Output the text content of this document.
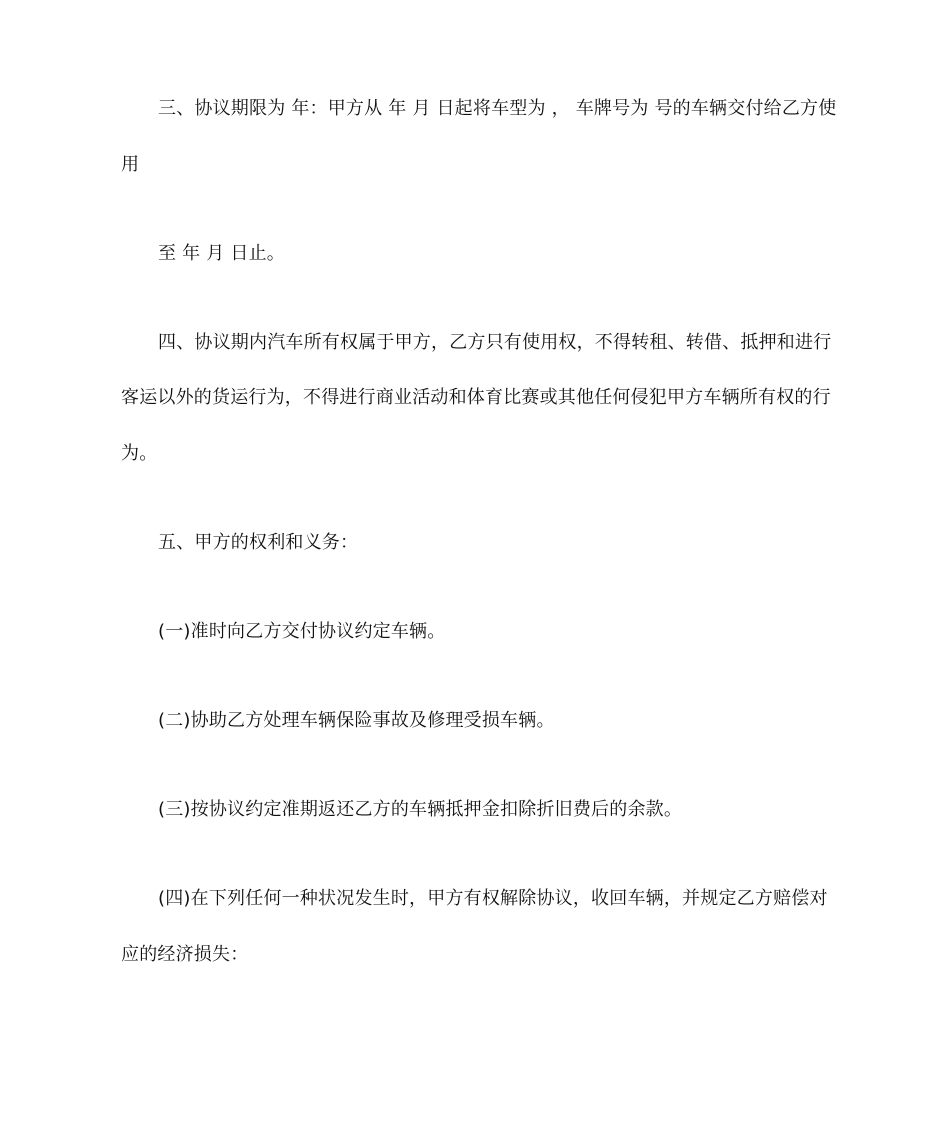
三、协议期限为 年：甲方从 年 月 日起将车型为 ， 车牌号为 号的车辆交付给乙方使
用
至 年 月 日止。
四、协议期内汽车所有权属于甲方，乙方只有使用权，不得转租、转借、抵押和进行
客运以外的货运行为，不得进行商业活动和体育比赛或其他任何侵犯甲方车辆所有权的行
为。
五、甲方的权利和义务：
(一)准时向乙方交付协议约定车辆。
(二)协助乙方处理车辆保险事故及修理受损车辆。
(三)按协议约定准期返还乙方的车辆抵押金扣除折旧费后的余款。
(四)在下列任何一种状况发生时，甲方有权解除协议，收回车辆，并规定乙方赔偿对
应的经济损失：
